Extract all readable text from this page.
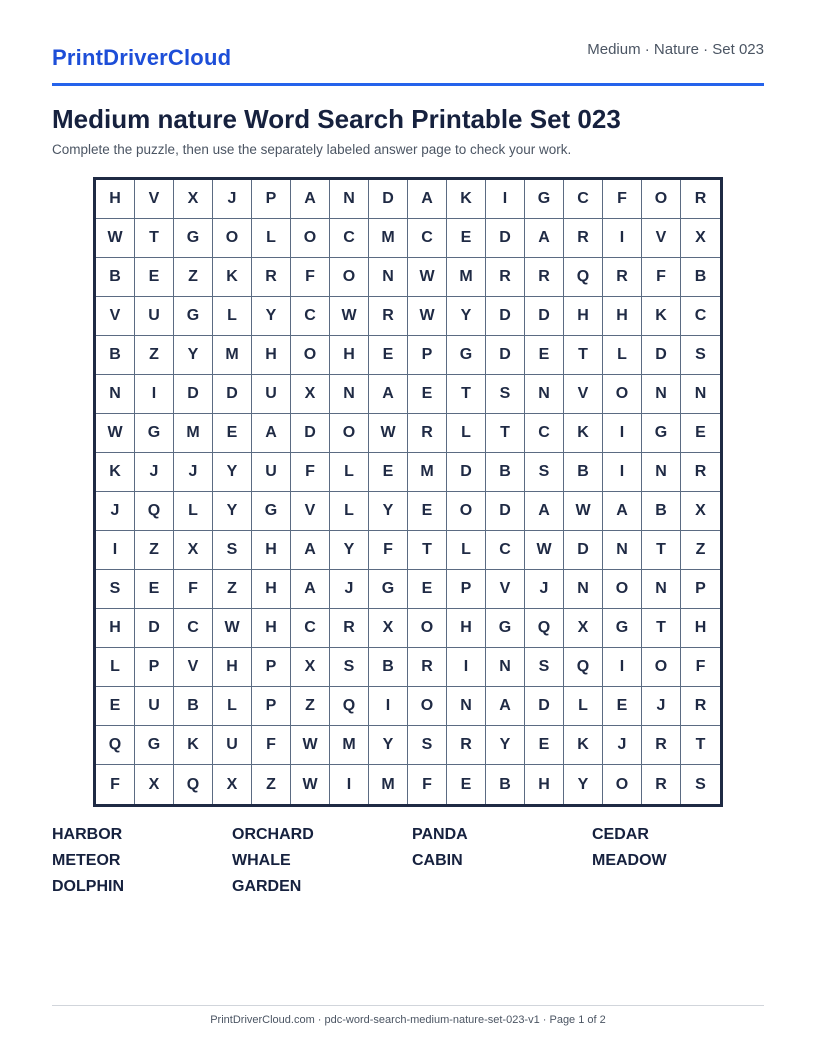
PrintDriverCloud	Medium · Nature · Set 023
Medium nature Word Search Printable Set 023
Complete the puzzle, then use the separately labeled answer page to check your work.
H	V	X	J	P	A	N	D	A	K	I	G	C	F	O	R
W	T	G	O	L	O	C	M	C	E	D	A	R	I	V	X
B	E	Z	K	R	F	O	N	W	M	R	R	Q	R	F	B
V	U	G	L	Y	C	W	R	W	Y	D	D	H	H	K	C
B	Z	Y	M	H	O	H	E	P	G	D	E	T	L	D	S
N	I	D	D	U	X	N	A	E	T	S	N	V	O	N	N
W	G	M	E	A	D	O	W	R	L	T	C	K	I	G	E
K	J	J	Y	U	F	L	E	M	D	B	S	B	I	N	R
J	Q	L	Y	G	V	L	Y	E	O	D	A	W	A	B	X
I	Z	X	S	H	A	Y	F	T	L	C	W	D	N	T	Z
S	E	F	Z	H	A	J	G	E	P	V	J	N	O	N	P
H	D	C	W	H	C	R	X	O	H	G	Q	X	G	T	H
L	P	V	H	P	X	S	B	R	I	N	S	Q	I	O	F
E	U	B	L	P	Z	Q	I	O	N	A	D	L	E	J	R
Q	G	K	U	F	W	M	Y	S	R	Y	E	K	J	R	T
F	X	Q	X	Z	W	I	M	F	E	B	H	Y	O	R	S
HARBOR	ORCHARD	PANDA	CEDAR
METEOR	WHALE	CABIN	MEADOW
DOLPHIN	GARDEN
PrintDriverCloud.com · pdc-word-search-medium-nature-set-023-v1 · Page 1 of 2
